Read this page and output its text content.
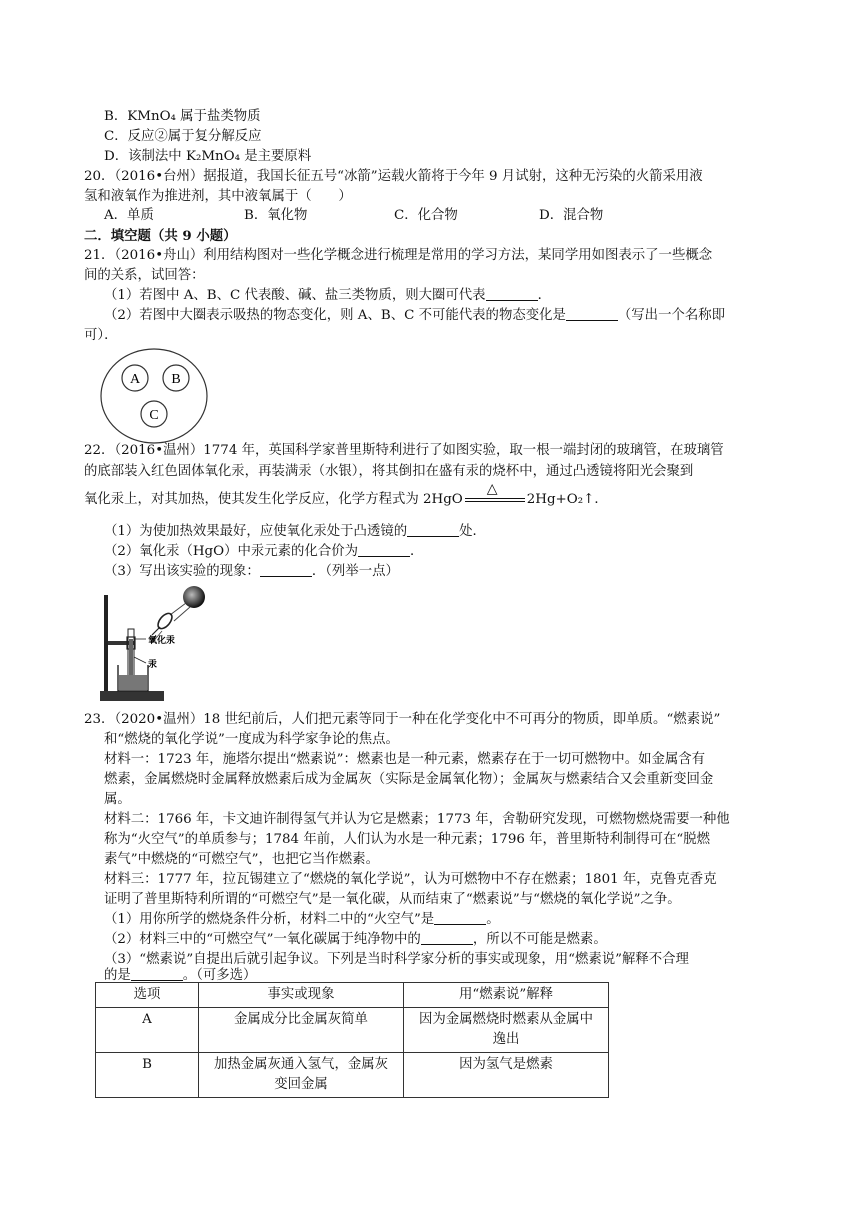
B．KMnO₄ 属于盐类物质
C．反应②属于复分解反应
D．该制法中 K₂MnO₄ 是主要原料
20．（2016•台州）据报道，我国长征五号“冰箭”运载火箭将于今年 9 月试射，这种无污染的火箭采用液
氢和液氧作为推进剂，其中液氧属于（　　）
A．单质	B．氧化物	C．化合物	D．混合物
二．填空题（共 9 小题）
21．（2016•舟山）利用结构图对一些化学概念进行梳理是常用的学习方法，某同学用如图表示了一些概念
间的关系，试回答：
（1）若图中 A、B、C 代表酸、碱、盐三类物质，则大圈可代表	．
（2）若图中大圈表示吸热的物态变化，则 A、B、C 不可能代表的物态变化是	（写出一个名称即
可）．
A B
C
22．（2016•温州）1774 年，英国科学家普里斯特利进行了如图实验，取一根一端封闭的玻璃管，在玻璃管
的底部装入红色固体氧化汞，再装满汞（水银），将其倒扣在盛有汞的烧杯中，通过凸透镜将阳光会聚到
氧化汞上，对其加热，使其发生化学反应，化学方程式为 2HgO
△
2Hg+O₂↑．
（1）为使加热效果最好，应使氧化汞处于凸透镜的	处．
（2）氧化汞（HgO）中汞元素的化合价为	．
（3）写出该实验的现象：	．（列举一点）
氧化汞
汞
23．（2020•温州）18 世纪前后，人们把元素等同于一种在化学变化中不可再分的物质，即单质。“燃素说”
和“燃烧的氧化学说”一度成为科学家争论的焦点。
材料一：1723 年，施塔尔提出“燃素说”：燃素也是一种元素，燃素存在于一切可燃物中。如金属含有
燃素，金属燃烧时金属释放燃素后成为金属灰（实际是金属氧化物）；金属灰与燃素结合又会重新变回金
属。
材料二：1766 年，卡文迪许制得氢气并认为它是燃素；1773 年，舍勒研究发现，可燃物燃烧需要一种他
称为“火空气”的单质参与；1784 年前，人们认为水是一种元素；1796 年，普里斯特利制得可在“脱燃
素气”中燃烧的“可燃空气”，也把它当作燃素。
材料三：1777 年，拉瓦锡建立了“燃烧的氧化学说”，认为可燃物中不存在燃素；1801 年，克鲁克香克
证明了普里斯特利所谓的“可燃空气”是一氧化碳，从而结束了“燃素说”与“燃烧的氧化学说”之争。
（1）用你所学的燃烧条件分析，材料二中的“火空气”是	。
（2）材料三中的“可燃空气”一氧化碳属于纯净物中的	，所以不可能是燃素。
（3）“燃素说”自提出后就引起争议。下列是当时科学家分析的事实或现象，用“燃素说”解释不合理
的是	。（可多选）
选项	事实或现象	用“燃素说”解释
A	金属成分比金属灰简单	因为金属燃烧时燃素从金属中
逸出

B	加热金属灰通入氢气，金属灰
变回金属	因为氢气是燃素
